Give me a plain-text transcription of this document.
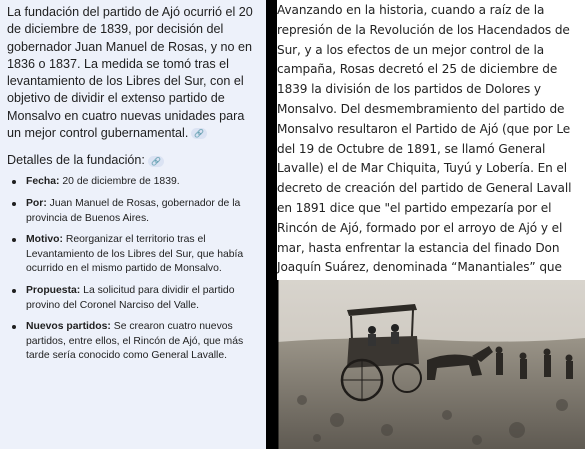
La fundación del partido de Ajó ocurrió el 20 de diciembre de 1839, por decisión del gobernador Juan Manuel de Rosas, y no en 1836 o 1837. La medida se tomó tras el levantamiento de los Libres del Sur, con el objetivo de dividir el extenso partido de Monsalvo en cuatro nuevas unidades para un mejor control gubernamental. 🔗

Detalles de la fundación: 🔗
Fecha: 20 de diciembre de 1839.
Por: Juan Manuel de Rosas, gobernador de la provincia de Buenos Aires.
Motivo: Reorganizar el territorio tras el Levantamiento de los Libres del Sur, que había ocurrido en el mismo partido de Monsalvo.
Propuesta: La solicitud para dividir el partido provino del Coronel Narciso del Valle.
Nuevos partidos: Se crearon cuatro nuevos partidos, entre ellos, el Rincón de Ajó, que más tarde sería conocido como General Lavalle.
Avanzando en la historia, cuando a raíz de la
represión de la Revolución de los Hacendados de
Sur, y a los efectos de un mejor control de la
campaña, Rosas decretó el 25 de diciembre de
1839 la división de los partidos de Dolores y
Monsalvo. Del desmembramiento del partido de
Monsalvo resultaron el Partido de Ajó (que por Le
del 19 de Octubre de 1891, se llamó General
Lavalle) el de Mar Chiquita, Tuyú y Lobería. En el
decreto de creación del partido de General Lavall
en 1891 dice que "el partido empezaría por el
Rincón de Ajó, formado por el arroyo de Ajó y el
mar, hasta enfrentar la estancia del finado Don
Joaquín Suárez, denominada “Manantiales” que
